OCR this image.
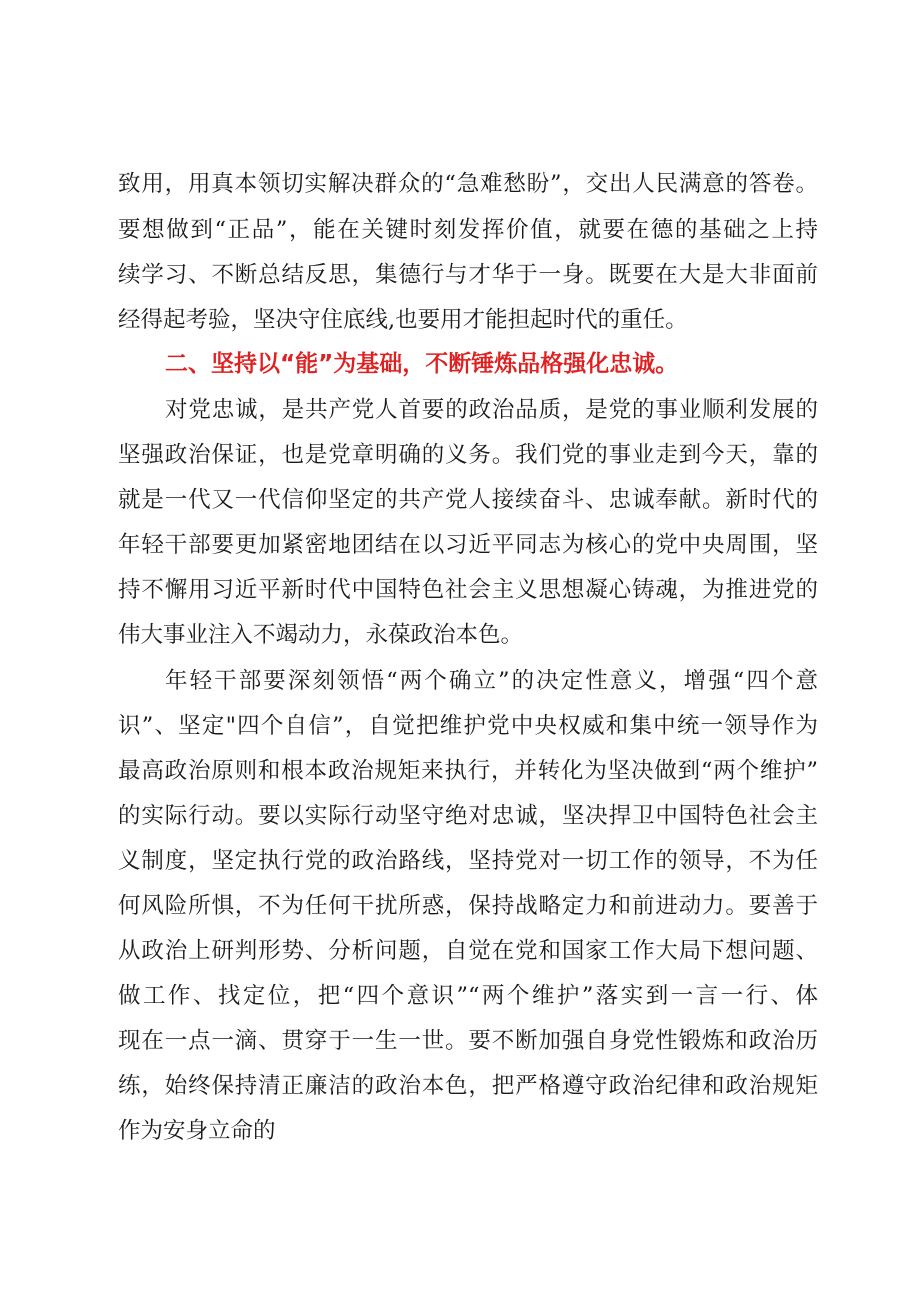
致用，用真本领切实解决群众的“急难愁盼”，交出人民满意的答卷。
要想做到“正品”，能在关键时刻发挥价值，就要在德的基础之上持
续学习、不断总结反思，集德行与才华于一身。既要在大是大非面前
经得起考验，坚决守住底线,也要用才能担起时代的重任。
二、坚持以“能”为基础，不断锤炼品格强化忠诚。
对党忠诚，是共产党人首要的政治品质，是党的事业顺利发展的
坚强政治保证，也是党章明确的义务。我们党的事业走到今天，靠的
就是一代又一代信仰坚定的共产党人接续奋斗、忠诚奉献。新时代的
年轻干部要更加紧密地团结在以习近平同志为核心的党中央周围，坚
持不懈用习近平新时代中国特色社会主义思想凝心铸魂，为推进党的
伟大事业注入不竭动力，永葆政治本色。
年轻干部要深刻领悟“两个确立”的决定性意义，增强“四个意
识”、坚定"四个自信”，自觉把维护党中央权威和集中统一领导作为
最高政治原则和根本政治规矩来执行，并转化为坚决做到“两个维护”
的实际行动。要以实际行动坚守绝对忠诚，坚决捍卫中国特色社会主
义制度，坚定执行党的政治路线，坚持党对一切工作的领导，不为任
何风险所惧，不为任何干扰所惑，保持战略定力和前进动力。要善于
从政治上研判形势、分析问题，自觉在党和国家工作大局下想问题、
做工作、找定位，把“四个意识”“两个维护”落实到一言一行、体
现在一点一滴、贯穿于一生一世。要不断加强自身党性锻炼和政治历
练，始终保持清正廉洁的政治本色，把严格遵守政治纪律和政治规矩
作为安身立命的
